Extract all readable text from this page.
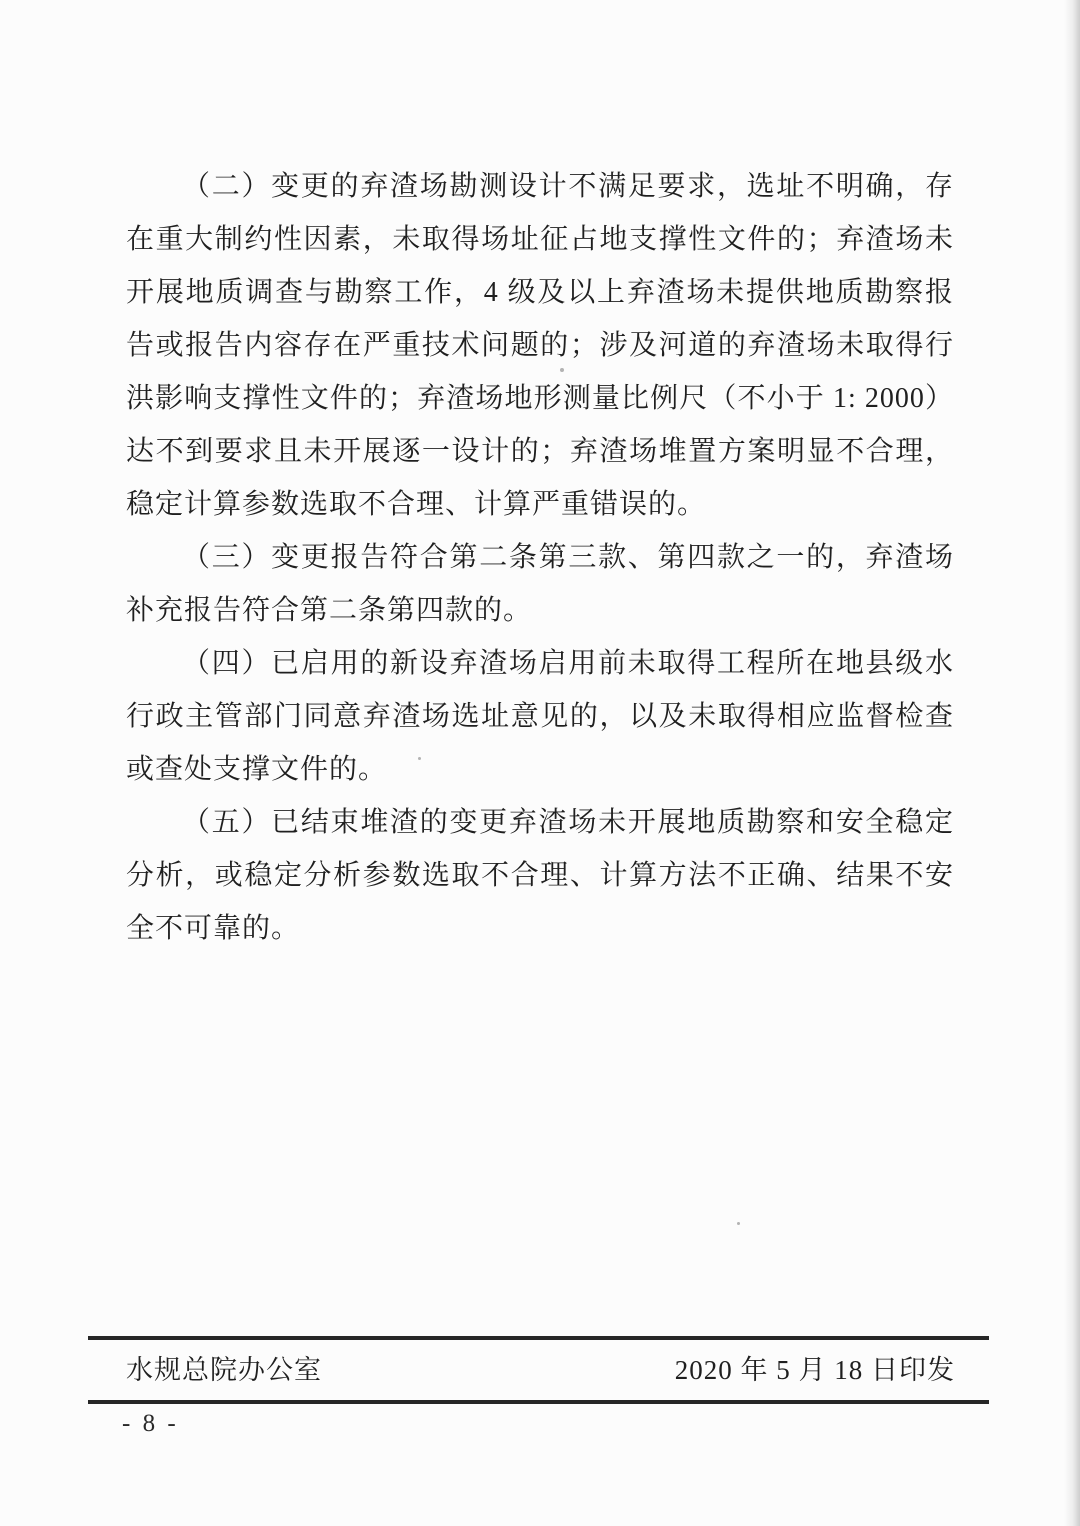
（二）变更的弃渣场勘测设计不满足要求，选址不明确，存
在重大制约性因素，未取得场址征占地支撑性文件的；弃渣场未
开展地质调查与勘察工作，4 级及以上弃渣场未提供地质勘察报
告或报告内容存在严重技术问题的；涉及河道的弃渣场未取得行
洪影响支撑性文件的；弃渣场地形测量比例尺（不小于 1: 2000）
达不到要求且未开展逐一设计的；弃渣场堆置方案明显不合理，
稳定计算参数选取不合理、计算严重错误的。
（三）变更报告符合第二条第三款、第四款之一的，弃渣场
补充报告符合第二条第四款的。
（四）已启用的新设弃渣场启用前未取得工程所在地县级水
行政主管部门同意弃渣场选址意见的，以及未取得相应监督检查
或查处支撑文件的。
（五）已结束堆渣的变更弃渣场未开展地质勘察和安全稳定
分析，或稳定分析参数选取不合理、计算方法不正确、结果不安
全不可靠的。
水规总院办公室	2020 年 5 月 18 日印发
- 8 -
